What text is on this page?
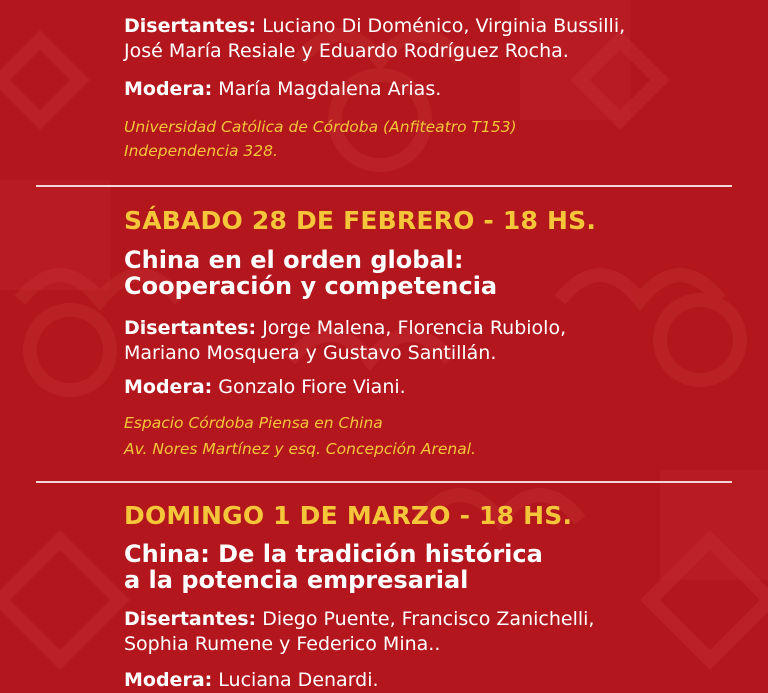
Disertantes: Luciano Di Doménico, Virginia Bussilli,
José María Resiale y Eduardo Rodríguez Rocha.
Modera: María Magdalena Arias.
Universidad Católica de Córdoba (Anfiteatro T153)
Independencia 328.
SÁBADO 28 DE FEBRERO - 18 HS.
China en el orden global:
Cooperación y competencia
Disertantes: Jorge Malena, Florencia Rubiolo,
Mariano Mosquera y Gustavo Santillán.
Modera: Gonzalo Fiore Viani.
Espacio Córdoba Piensa en China
Av. Nores Martínez y esq. Concepción Arenal.
DOMINGO 1 DE MARZO - 18 HS.
China: De la tradición histórica
a la potencia empresarial
Disertantes: Diego Puente, Francisco Zanichelli,
Sophia Rumene y Federico Mina..
Modera: Luciana Denardi.
